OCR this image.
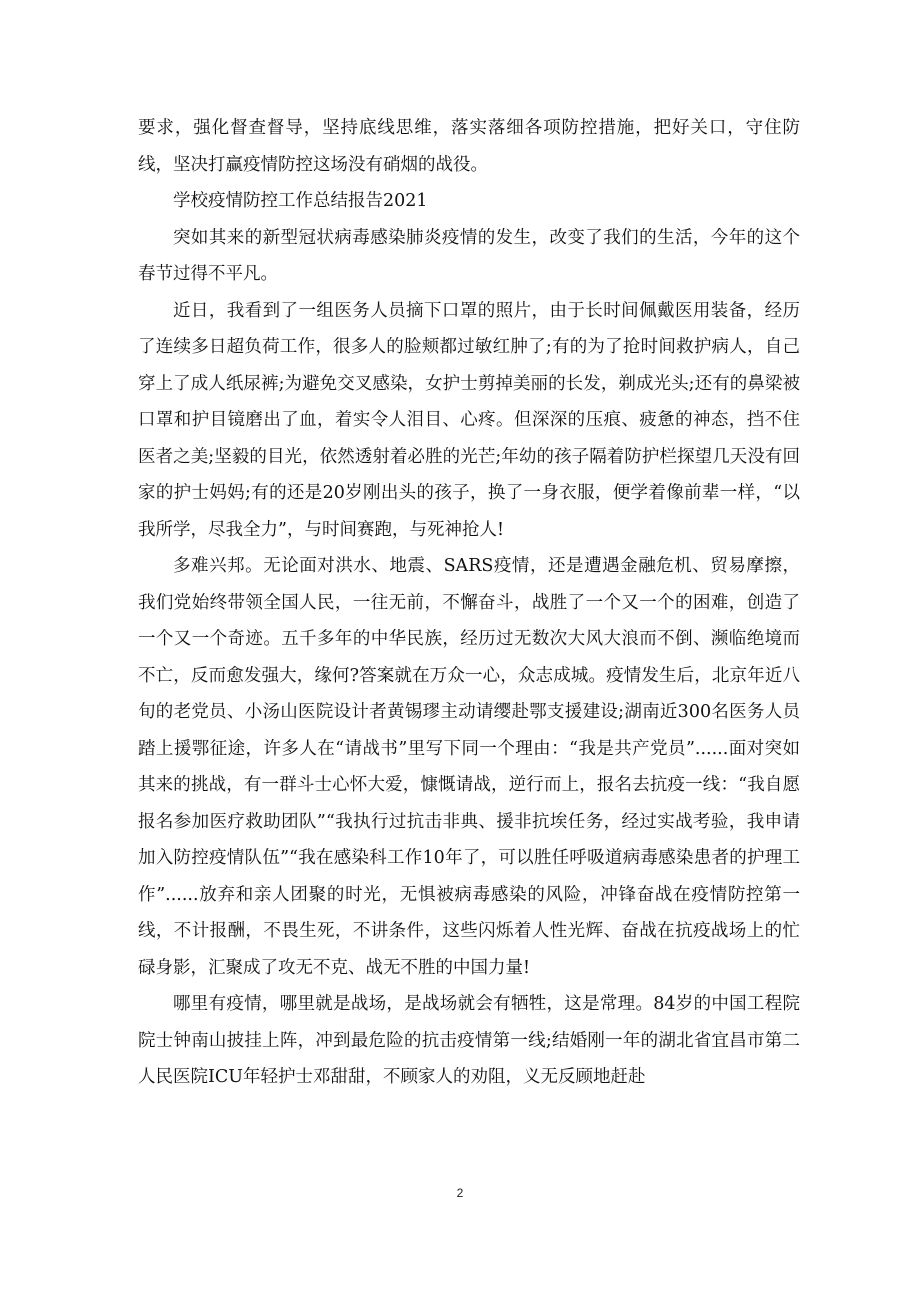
要求，强化督查督导，坚持底线思维，落实落细各项防控措施，把好关口，守住防线，坚决打赢疫情防控这场没有硝烟的战役。

学校疫情防控工作总结报告2021

突如其来的新型冠状病毒感染肺炎疫情的发生，改变了我们的生活，今年的这个春节过得不平凡。

近日，我看到了一组医务人员摘下口罩的照片，由于长时间佩戴医用装备，经历了连续多日超负荷工作，很多人的脸颊都过敏红肿了;有的为了抢时间救护病人，自己穿上了成人纸尿裤;为避免交叉感染，女护士剪掉美丽的长发，剃成光头;还有的鼻梁被口罩和护目镜磨出了血，着实令人泪目、心疼。但深深的压痕、疲惫的神态，挡不住医者之美;坚毅的目光，依然透射着必胜的光芒;年幼的孩子隔着防护栏探望几天没有回家的护士妈妈;有的还是20岁刚出头的孩子，换了一身衣服，便学着像前辈一样，“以我所学，尽我全力”，与时间赛跑，与死神抢人!

多难兴邦。无论面对洪水、地震、SARS疫情，还是遭遇金融危机、贸易摩擦，我们党始终带领全国人民，一往无前，不懈奋斗，战胜了一个又一个的困难，创造了一个又一个奇迹。五千多年的中华民族，经历过无数次大风大浪而不倒、濒临绝境而不亡，反而愈发强大，缘何?答案就在万众一心，众志成城。疫情发生后，北京年近八旬的老党员、小汤山医院设计者黄锡璆主动请缨赴鄂支援建设;湖南近300名医务人员踏上援鄂征途，许多人在“请战书”里写下同一个理由：“我是共产党员”......面对突如其来的挑战，有一群斗士心怀大爱，慷慨请战，逆行而上，报名去抗疫一线：“我自愿报名参加医疗救助团队”“我执行过抗击非典、援非抗埃任务，经过实战考验，我申请加入防控疫情队伍”“我在感染科工作10年了，可以胜任呼吸道病毒感染患者的护理工作”......放弃和亲人团聚的时光，无惧被病毒感染的风险，冲锋奋战在疫情防控第一线，不计报酬，不畏生死，不讲条件，这些闪烁着人性光辉、奋战在抗疫战场上的忙碌身影，汇聚成了攻无不克、战无不胜的中国力量!

哪里有疫情，哪里就是战场，是战场就会有牺牲，这是常理。84岁的中国工程院院士钟南山披挂上阵，冲到最危险的抗击疫情第一线;结婚刚一年的湖北省宜昌市第二人民医院ICU年轻护士邓甜甜，不顾家人的劝阻，义无反顾地赶赴

2
